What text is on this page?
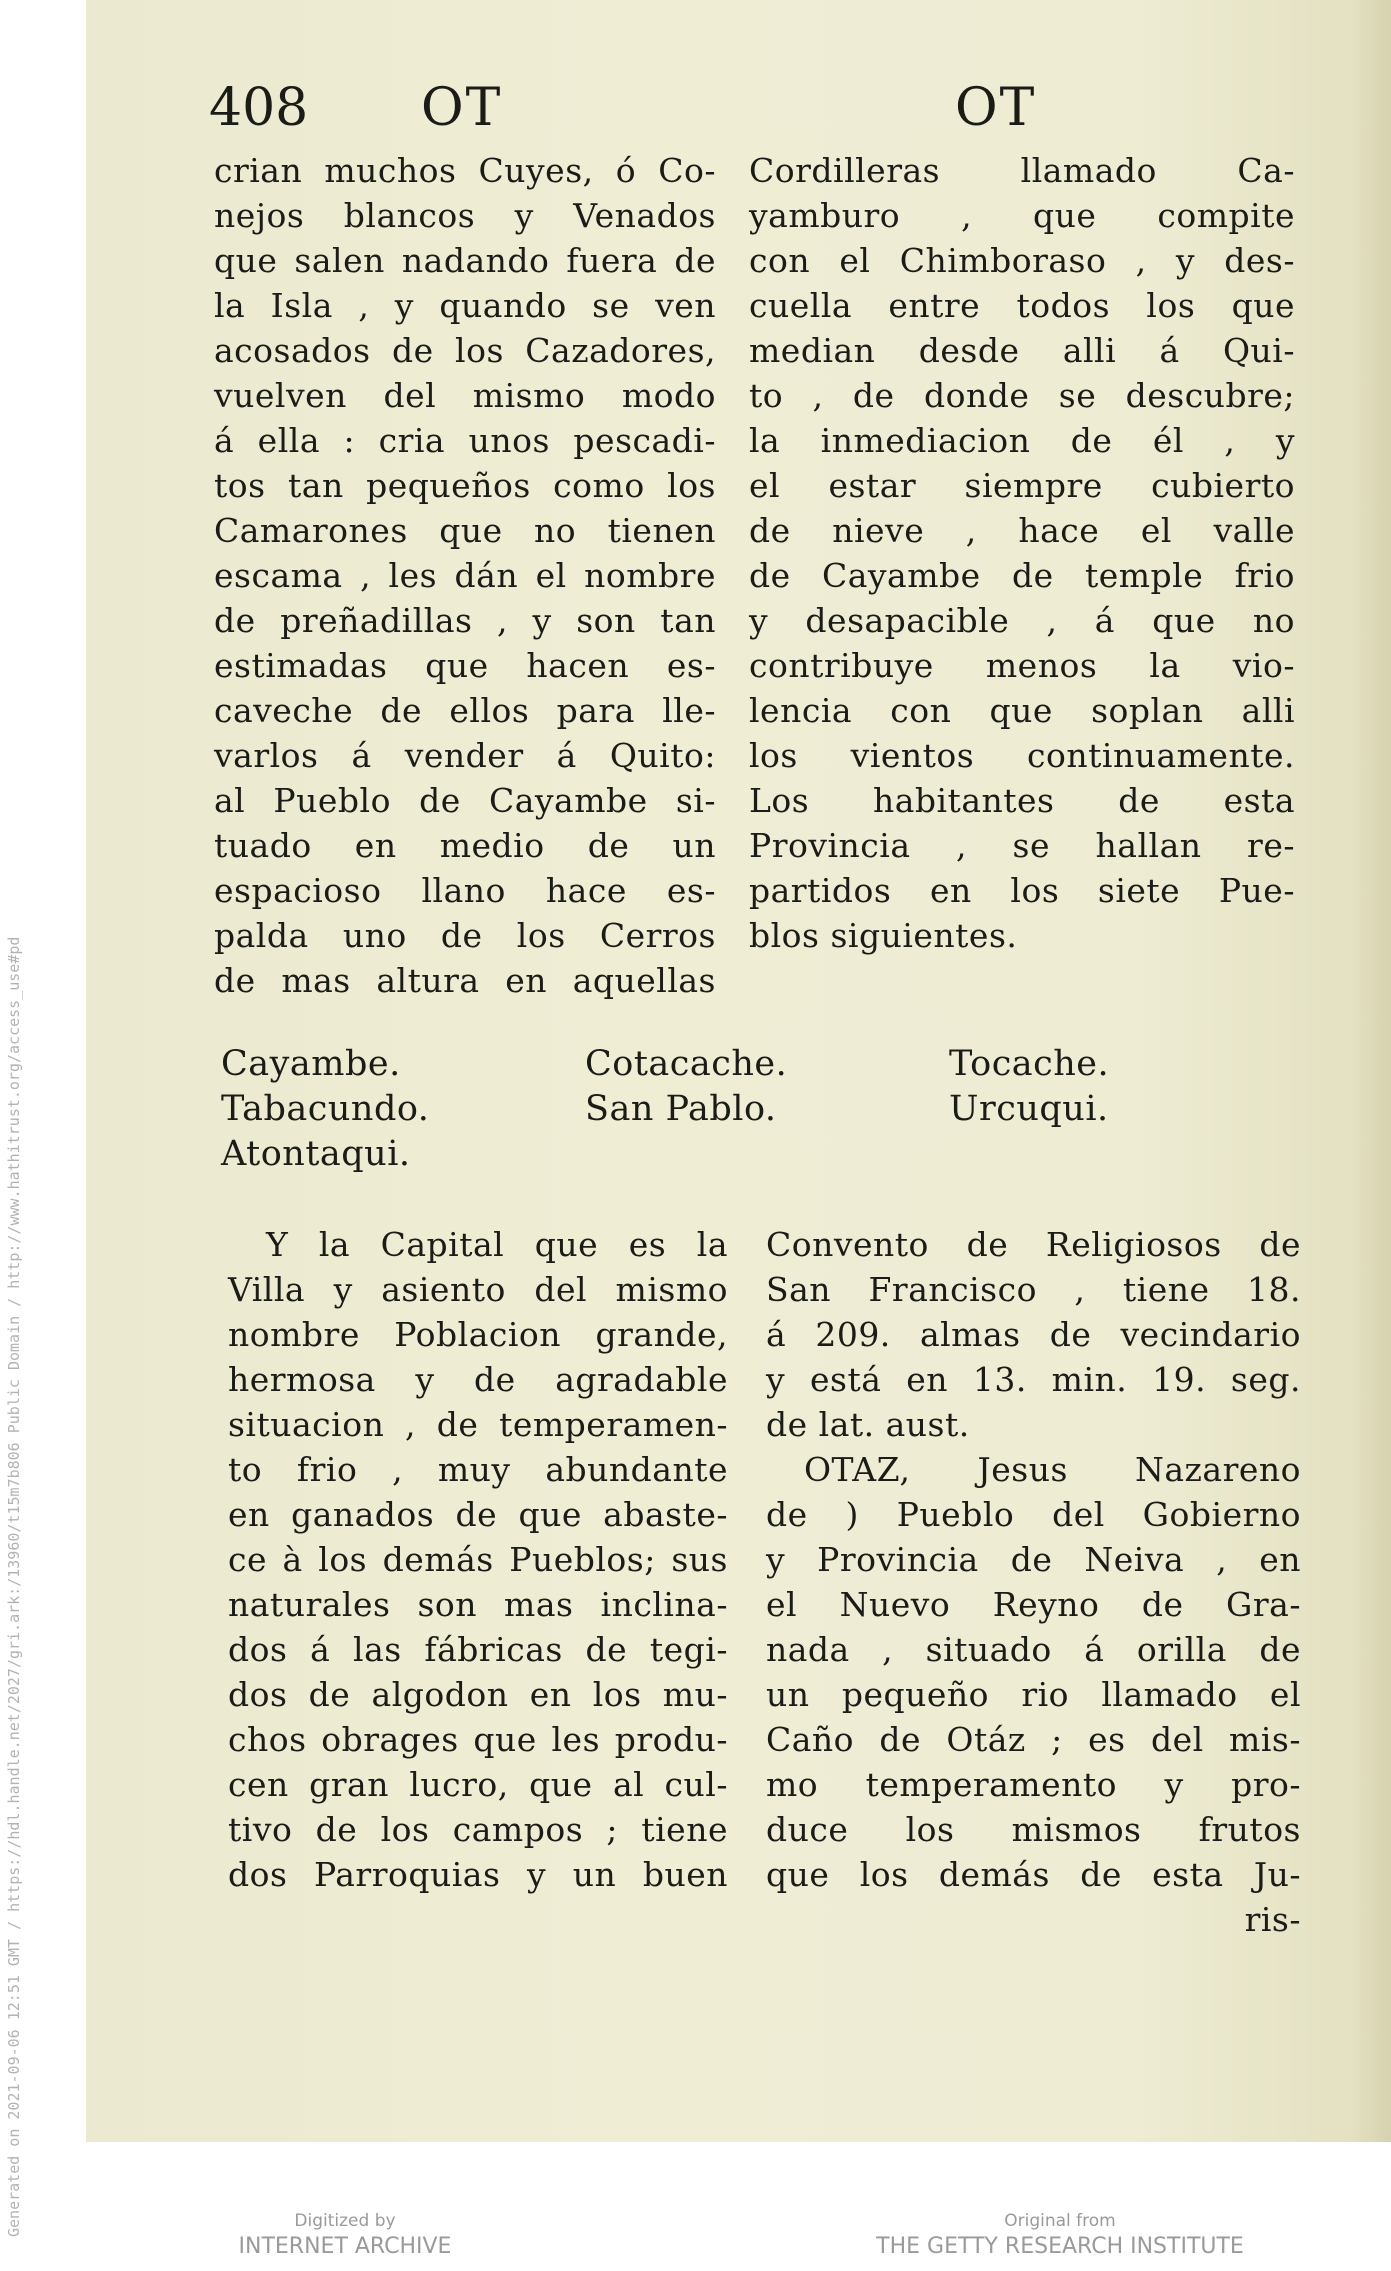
Generated on 2021-09-06 12:51 GMT / https://hdl.handle.net/2027/gri.ark:/13960/t15m7b806 Public Domain / http://www.hathitrust.org/access_use#pd
408 OT	OT
crian muchos Cuyes, ó Co-
nejos blancos y Venados
que salen nadando fuera de
la Isla , y quando se ven
acosados de los Cazadores,
vuelven del mismo modo
á ella : cria unos pescadi-
tos tan pequeños como los
Camarones que no tienen
escama , les dán el nombre
de preñadillas , y son tan
estimadas que hacen es-
caveche de ellos para lle-
varlos á vender á Quito:
al Pueblo de Cayambe si-
tuado en medio de un
espacioso llano hace es-
palda uno de los Cerros
de mas altura en aquellas
Cordilleras llamado Ca-
yamburo , que compite
con el Chimboraso , y des-
cuella entre todos los que
median desde alli á Qui-
to , de donde se descubre;
la inmediacion de él , y
el estar siempre cubierto
de nieve , hace el valle
de Cayambe de temple frio
y desapacible , á que no
contribuye menos la vio-
lencia con que soplan alli
los vientos continuamente.
Los habitantes de esta
Provincia , se hallan re-
partidos en los siete Pue-
blos siguientes.
Cayambe.
Tabacundo.
Atontaqui.
Cotacache.
San Pablo.
Tocache.
Urcuqui.
Y la Capital que es la
Villa y asiento del mismo
nombre Poblacion grande,
hermosa y de agradable
situacion , de temperamen-
to frio , muy abundante
en ganados de que abaste-
ce à los demás Pueblos; sus
naturales son mas inclina-
dos á las fábricas de tegi-
dos de algodon en los mu-
chos obrages que les produ-
cen gran lucro, que al cul-
tivo de los campos ; tiene
dos Parroquias y un buen
Convento de Religiosos de
San Francisco , tiene 18.
á 209. almas de vecindario
y está en 13. min. 19. seg.
de lat. aust.
OTAZ, Jesus Nazareno
de ) Pueblo del Gobierno
y Provincia de Neiva , en
el Nuevo Reyno de Gra-
nada , situado á orilla de
un pequeño rio llamado el
Caño de Otáz ; es del mis-
mo temperamento y pro-
duce los mismos frutos
que los demás de esta Ju-
ris-
Digitized by
INTERNET ARCHIVE
Original from
THE GETTY RESEARCH INSTITUTE
